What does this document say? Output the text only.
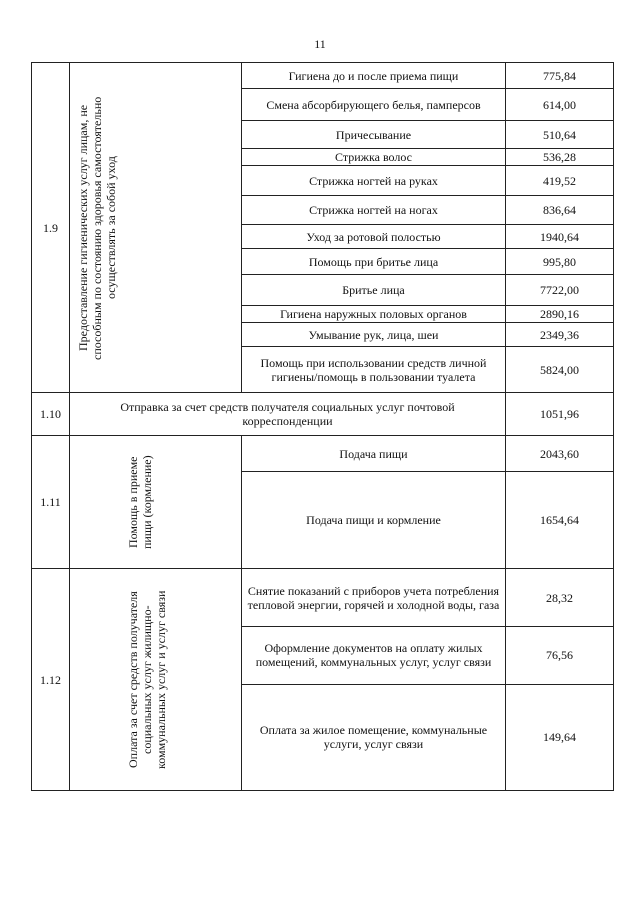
11
1.9	Предоставление гигиенических услуг лицам, не способным по состоянию здоровья самостоятельно осуществлять за собой уход	Гигиена до и после приема пищи	775,84
		Смена абсорбирующего белья, памперсов	614,00
		Причесывание	510,64
		Стрижка волос	536,28
		Стрижка ногтей на руках	419,52
		Стрижка ногтей на ногах	836,64
		Уход за ротовой полостью	1940,64
		Помощь при бритье лица	995,80
		Бритье лица	7722,00
		Гигиена наружных половых органов	2890,16
		Умывание рук, лица, шеи	2349,36
		Помощь при использовании средств личной гигиены/помощь в пользовании туалета	5824,00
1.10	Отправка за счет средств получателя социальных услуг почтовой корреспонденции		1051,96
1.11	Помощь в приеме пищи (кормление)	Подача пищи	2043,60
		Подача пищи и кормление	1654,64
1.12	Оплата за счет средств получателя социальных услуг жилищно-коммунальных услуг и услуг связи	Снятие показаний с приборов учета потребления тепловой энергии, горячей и холодной воды, газа	28,32
		Оформление документов на оплату жилых помещений, коммунальных услуг, услуг связи	76,56
		Оплата за жилое помещение, коммунальные услуги, услуг связи	149,64
